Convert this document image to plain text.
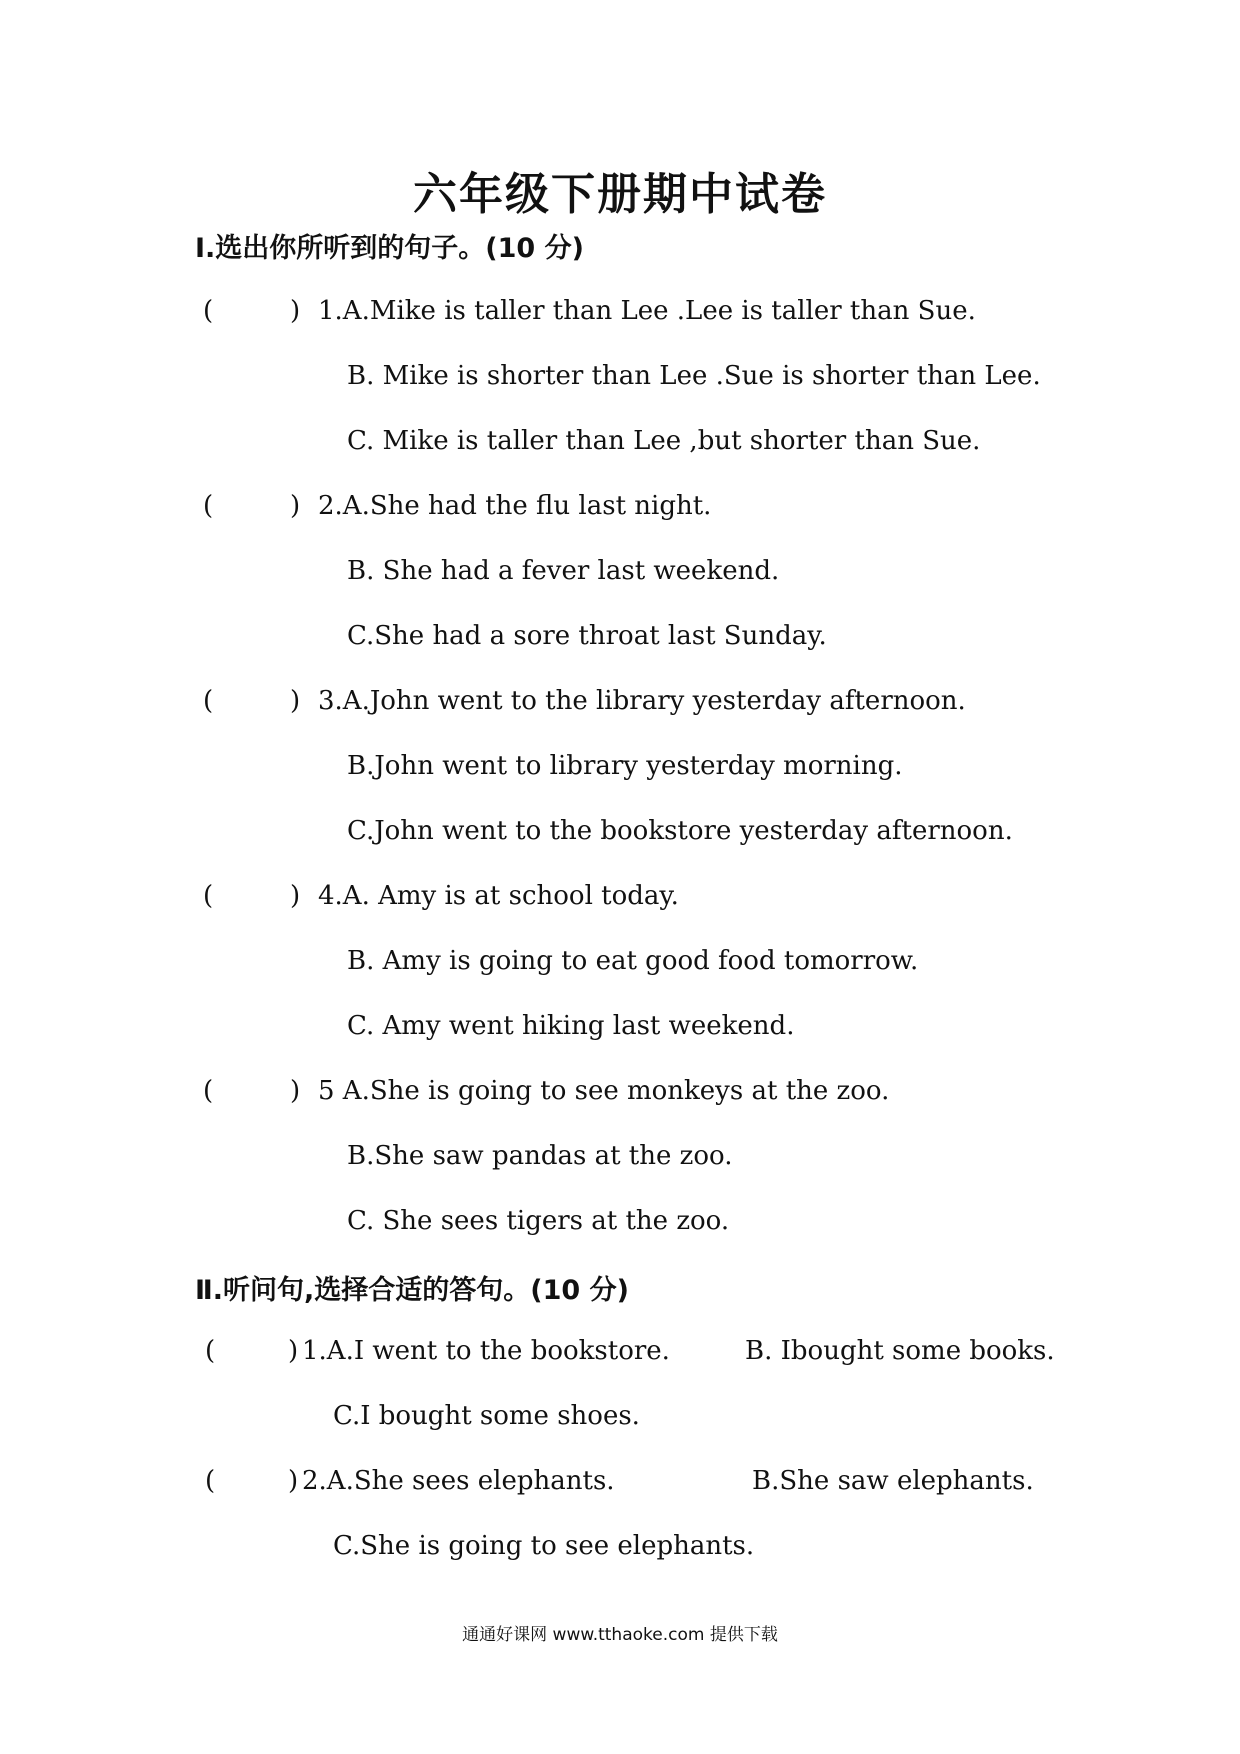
六年级下册期中试卷
Ⅰ.选出你所听到的句子。(10 分)
(	) 1.A.Mike is taller than Lee .Lee is taller than Sue.
B. Mike is shorter than Lee .Sue is shorter than Lee.
C. Mike is taller than Lee ,but shorter than Sue.
(	) 2.A.She had the flu last night.
B. She had a fever last weekend.
C.She had a sore throat last Sunday.
(	) 3.A.John went to the library yesterday afternoon.
B.John went to library yesterday morning.
C.John went to the bookstore yesterday afternoon.
(	) 4.A. Amy is at school today.
B. Amy is going to eat good food tomorrow.
C. Amy went hiking last weekend.
(	) 5 A.She is going to see monkeys at the zoo.
B.She saw pandas at the zoo.
C. She sees tigers at the zoo.
Ⅱ.听问句,选择合适的答句。(10 分)
(	) 1.A.I went to the bookstore.	B. Ibought some books.
C.I bought some shoes.
(	) 2.A.She sees elephants.	B.She saw elephants.
C.She is going to see elephants.
通通好课网 www.tthaoke.com 提供下载
